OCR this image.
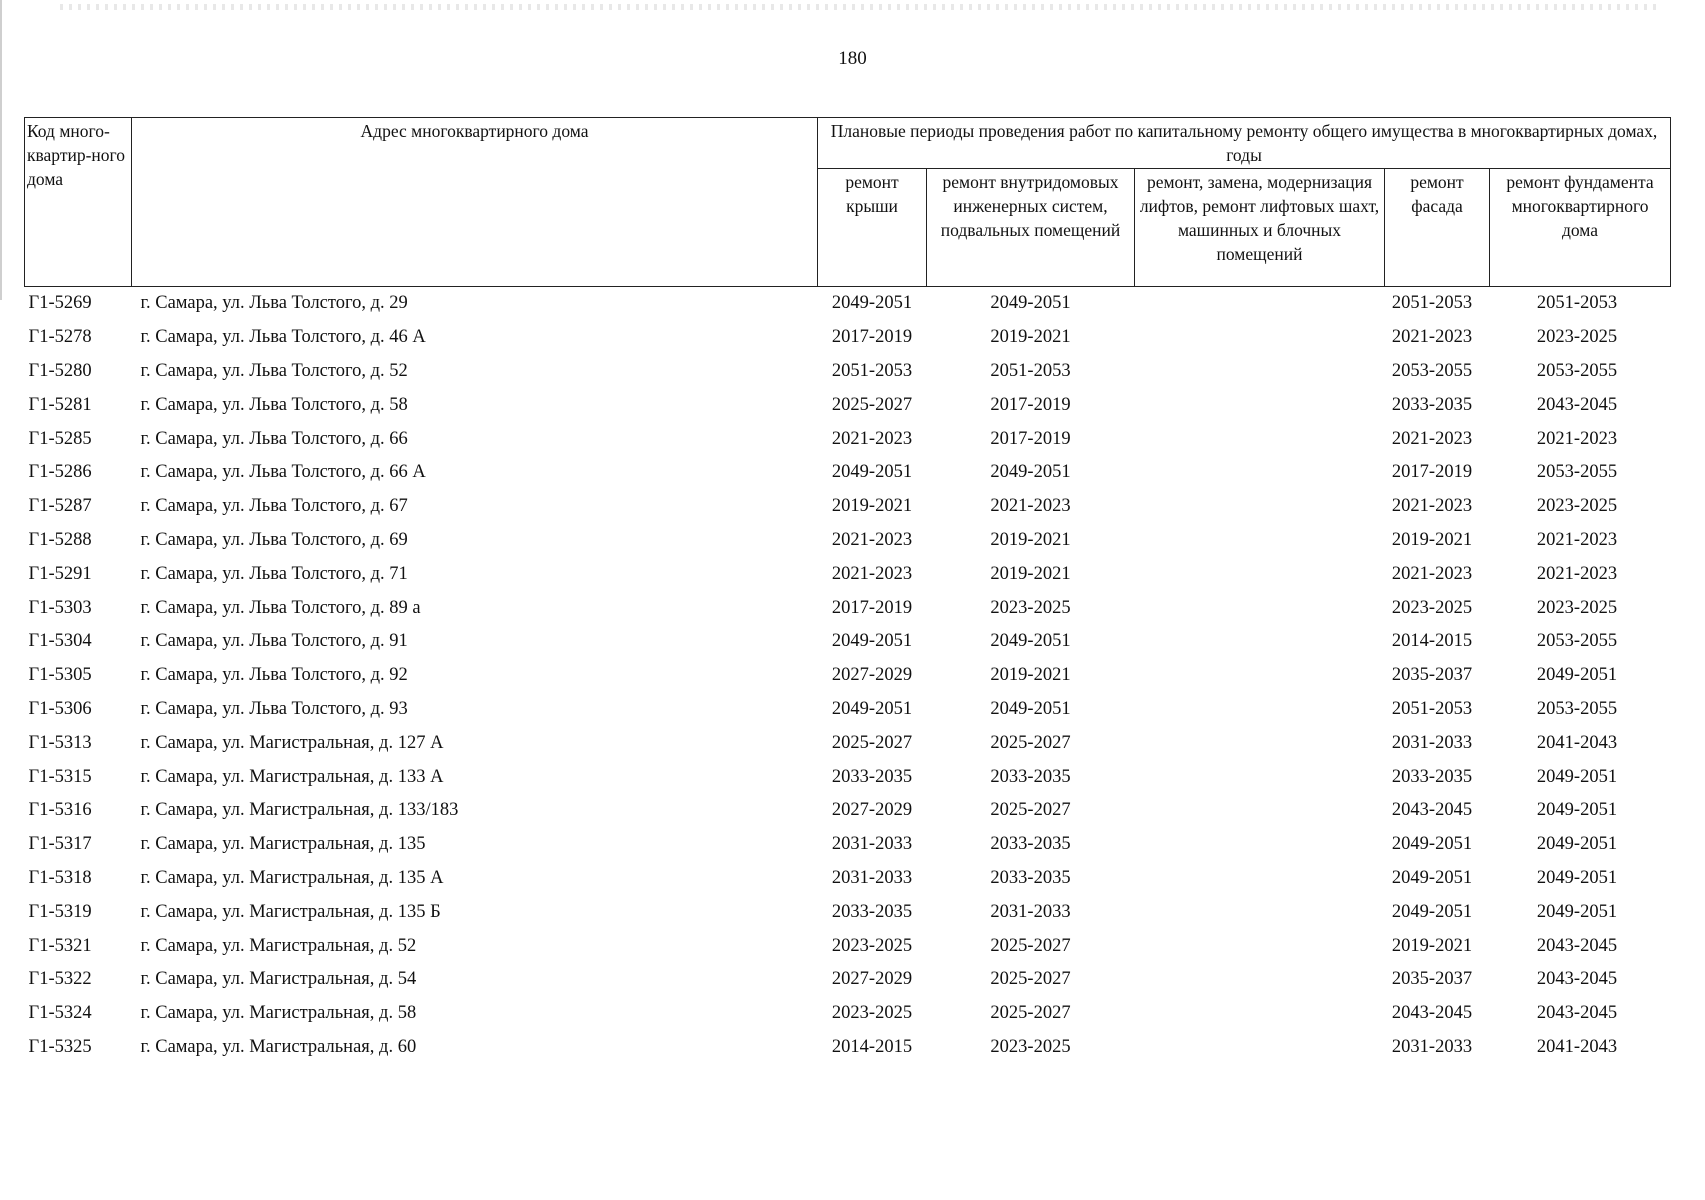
180
Код много-квартир-ного дома	Адрес многоквартирного дома	Плановые периоды проведения работ по капитальному ремонту общего имущества в многоквартирных домах, годы				
		ремонт крыши	ремонт внутридомовых инженерных систем, подвальных помещений	ремонт, замена, модернизация лифтов, ремонт лифтовых шахт, машинных и блочных помещений	ремонт фасада	ремонт фундамента многоквартирного дома
Г1-5269	г. Самара, ул. Льва Толстого, д. 29	2049-2051	2049-2051		2051-2053	2051-2053
Г1-5278	г. Самара, ул. Льва Толстого, д. 46 А	2017-2019	2019-2021		2021-2023	2023-2025
Г1-5280	г. Самара, ул. Льва Толстого, д. 52	2051-2053	2051-2053		2053-2055	2053-2055
Г1-5281	г. Самара, ул. Льва Толстого, д. 58	2025-2027	2017-2019		2033-2035	2043-2045
Г1-5285	г. Самара, ул. Льва Толстого, д. 66	2021-2023	2017-2019		2021-2023	2021-2023
Г1-5286	г. Самара, ул. Льва Толстого, д. 66 А	2049-2051	2049-2051		2017-2019	2053-2055
Г1-5287	г. Самара, ул. Льва Толстого, д. 67	2019-2021	2021-2023		2021-2023	2023-2025
Г1-5288	г. Самара, ул. Льва Толстого, д. 69	2021-2023	2019-2021		2019-2021	2021-2023
Г1-5291	г. Самара, ул. Льва Толстого, д. 71	2021-2023	2019-2021		2021-2023	2021-2023
Г1-5303	г. Самара, ул. Льва Толстого, д. 89 а	2017-2019	2023-2025		2023-2025	2023-2025
Г1-5304	г. Самара, ул. Льва Толстого, д. 91	2049-2051	2049-2051		2014-2015	2053-2055
Г1-5305	г. Самара, ул. Льва Толстого, д. 92	2027-2029	2019-2021		2035-2037	2049-2051
Г1-5306	г. Самара, ул. Льва Толстого, д. 93	2049-2051	2049-2051		2051-2053	2053-2055
Г1-5313	г. Самара, ул. Магистральная, д. 127 А	2025-2027	2025-2027		2031-2033	2041-2043
Г1-5315	г. Самара, ул. Магистральная, д. 133 А	2033-2035	2033-2035		2033-2035	2049-2051
Г1-5316	г. Самара, ул. Магистральная, д. 133/183	2027-2029	2025-2027		2043-2045	2049-2051
Г1-5317	г. Самара, ул. Магистральная, д. 135	2031-2033	2033-2035		2049-2051	2049-2051
Г1-5318	г. Самара, ул. Магистральная, д. 135 А	2031-2033	2033-2035		2049-2051	2049-2051
Г1-5319	г. Самара, ул. Магистральная, д. 135 Б	2033-2035	2031-2033		2049-2051	2049-2051
Г1-5321	г. Самара, ул. Магистральная, д. 52	2023-2025	2025-2027		2019-2021	2043-2045
Г1-5322	г. Самара, ул. Магистральная, д. 54	2027-2029	2025-2027		2035-2037	2043-2045
Г1-5324	г. Самара, ул. Магистральная, д. 58	2023-2025	2025-2027		2043-2045	2043-2045
Г1-5325	г. Самара, ул. Магистральная, д. 60	2014-2015	2023-2025		2031-2033	2041-2043
